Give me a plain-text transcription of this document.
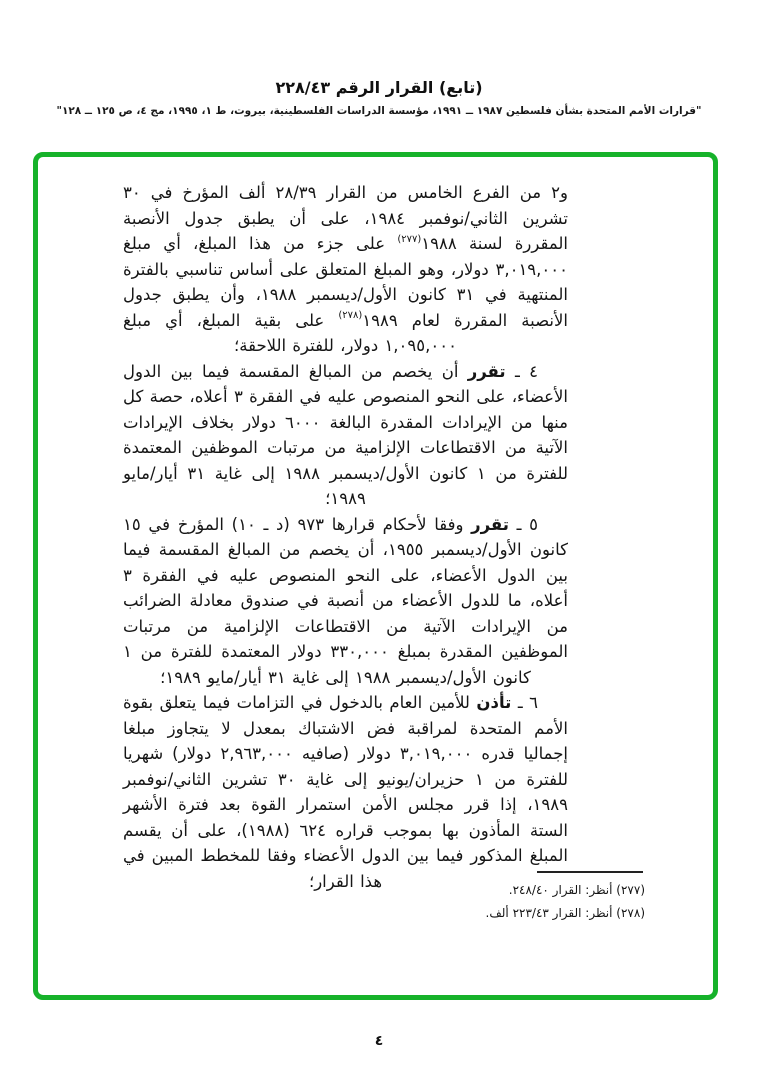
(تابع) القرار الرقم ٢٢٨/٤٣
"قرارات الأمم المتحدة بشأن فلسطين ١٩٨٧ ــ ١٩٩١، مؤسسة الدراسات الفلسطينية، بيروت، ط ١، ١٩٩٥، مج ٤، ص ١٢٥ ــ ١٢٨"

و٢ من الفرع الخامس من القرار ٢٨/٣٩ ألف المؤرخ في ٣٠ تشرين الثاني/نوفمبر ١٩٨٤، على أن يطبق جدول الأنصبة المقررة لسنة ١٩٨٨$^{(٢٧٧)}$ على جزء من هذا المبلغ، أي مبلغ ٣,٠١٩,٠٠٠ دولار، وهو المبلغ المتعلق على أساس تناسبي بالفترة المنتهية في ٣١ كانون الأول/ديسمبر ١٩٨٨، وأن يطبق جدول الأنصبة المقررة لعام ١٩٨٩$^{(٢٧٨)}$ على بقية المبلغ، أي مبلغ ١,٠٩٥,٠٠٠ دولار، للفترة اللاحقة؛

٤ ـ تقرر أن يخصم من المبالغ المقسمة فيما بين الدول الأعضاء، على النحو المنصوص عليه في الفقرة ٣ أعلاه، حصة كل منها من الإيرادات المقدرة البالغة ٦٠٠٠ دولار بخلاف الإيرادات الآتية من الاقتطاعات الإلزامية من مرتبات الموظفين المعتمدة للفترة من ١ كانون الأول/ديسمبر ١٩٨٨ إلى غاية ٣١ أيار/مايو ١٩٨٩؛

٥ ـ تقرر وفقا لأحكام قرارها ٩٧٣ (د ـ ١٠) المؤرخ في ١٥ كانون الأول/ديسمبر ١٩٥٥، أن يخصم من المبالغ المقسمة فيما بين الدول الأعضاء، على النحو المنصوص عليه في الفقرة ٣ أعلاه، ما للدول الأعضاء من أنصبة في صندوق معادلة الضرائب من الإيرادات الآتية من الاقتطاعات الإلزامية من مرتبات الموظفين المقدرة بمبلغ ٣٣٠,٠٠٠ دولار المعتمدة للفترة من ١ كانون الأول/ديسمبر ١٩٨٨ إلى غاية ٣١ أيار/مايو ١٩٨٩؛

٦ ـ تأذن للأمين العام بالدخول في التزامات فيما يتعلق بقوة الأمم المتحدة لمراقبة فض الاشتباك بمعدل لا يتجاوز مبلغا إجماليا قدره ٣,٠١٩,٠٠٠ دولار (صافيه ٢,٩٦٣,٠٠٠ دولار) شهريا للفترة من ١ حزيران/يونيو إلى غاية ٣٠ تشرين الثاني/نوفمبر ١٩٨٩، إذا قرر مجلس الأمن استمرار القوة بعد فترة الأشهر الستة المأذون بها بموجب قراره ٦٢٤ (١٩٨٨)، على أن يقسم المبلغ المذكور فيما بين الدول الأعضاء وفقا للمخطط المبين في هذا القرار؛	(٢٧٧) أنظر: القرار ٢٤٨/٤٠.
(٢٧٨) أنظر: القرار ٢٢٣/٤٣ ألف.
٤
